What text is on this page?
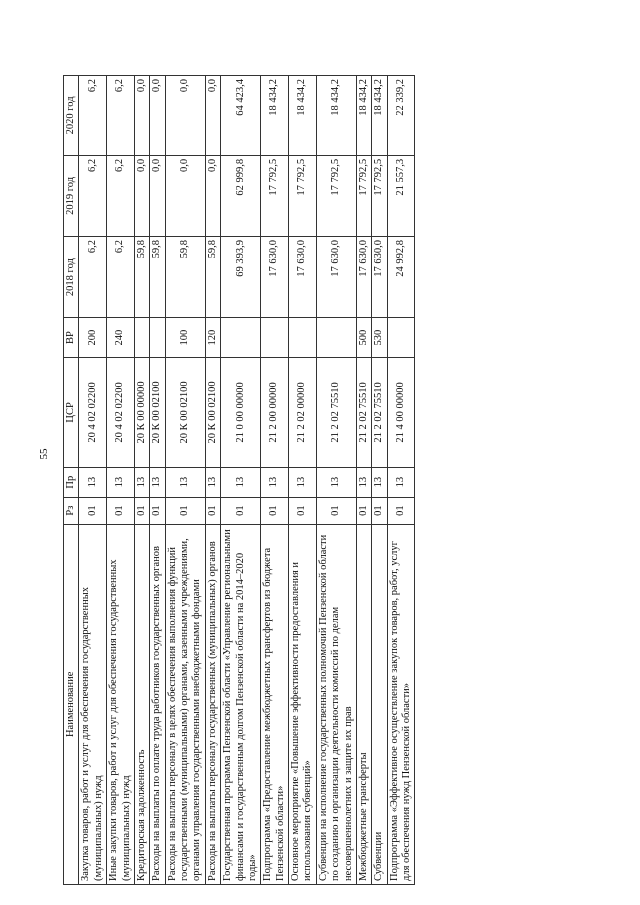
55
Наименование	Рз	Пр	ЦСР	ВР	2018 год	2019 год	2020 год
Закупка товаров, работ и услуг для обеспечения государственных (муниципальных) нужд	01	13	20 4 02 02200	200	6,2	6,2	6,2
Иные закупки товаров, работ и услуг для обеспечения государственных (муниципальных) нужд	01	13	20 4 02 02200	240	6,2	6,2	6,2
Кредиторская задолженность	01	13	20 К 00 00000		59,8	0,0	0,0
Расходы на выплаты по оплате труда работников государственных органов	01	13	20 К 00 02100		59,8	0,0	0,0
Расходы на выплаты персоналу в целях обеспечения выполнения функций государственными (муниципальными) органами, казенными учреждениями, органами управления государственными внебюджетными фондами	01	13	20 К 00 02100	100	59,8	0,0	0,0
Расходы на выплаты персоналу государственных (муниципальных) органов	01	13	20 К 00 02100	120	59,8	0,0	0,0
Государственная программа Пензенской области «Управление региональными финансами и государственным долгом Пензенской области на 2014–2020 годы»	01	13	21 0 00 00000		69 393,9	62 999,8	64 423,4
Подпрограмма «Предоставление межбюджетных трансфертов из бюджета Пензенской области»	01	13	21 2 00 00000		17 630,0	17 792,5	18 434,2
Основное мероприятие «Повышение эффективности предоставления и использования субвенций»	01	13	21 2 02 00000		17 630,0	17 792,5	18 434,2
Субвенции на исполнение государственных полномочий Пензенской области по созданию и организации деятельности комиссий по делам несовершеннолетних и защите их прав	01	13	21 2 02 75510		17 630,0	17 792,5	18 434,2
Межбюджетные трансферты	01	13	21 2 02 75510	500	17 630,0	17 792,5	18 434,2
Субвенции	01	13	21 2 02 75510	530	17 630,0	17 792,5	18 434,2
Подпрограмма «Эффективное осуществление закупок товаров, работ, услуг для обеспечения нужд Пензенской области»	01	13	21 4 00 00000		24 992,8	21 557,3	22 339,2
